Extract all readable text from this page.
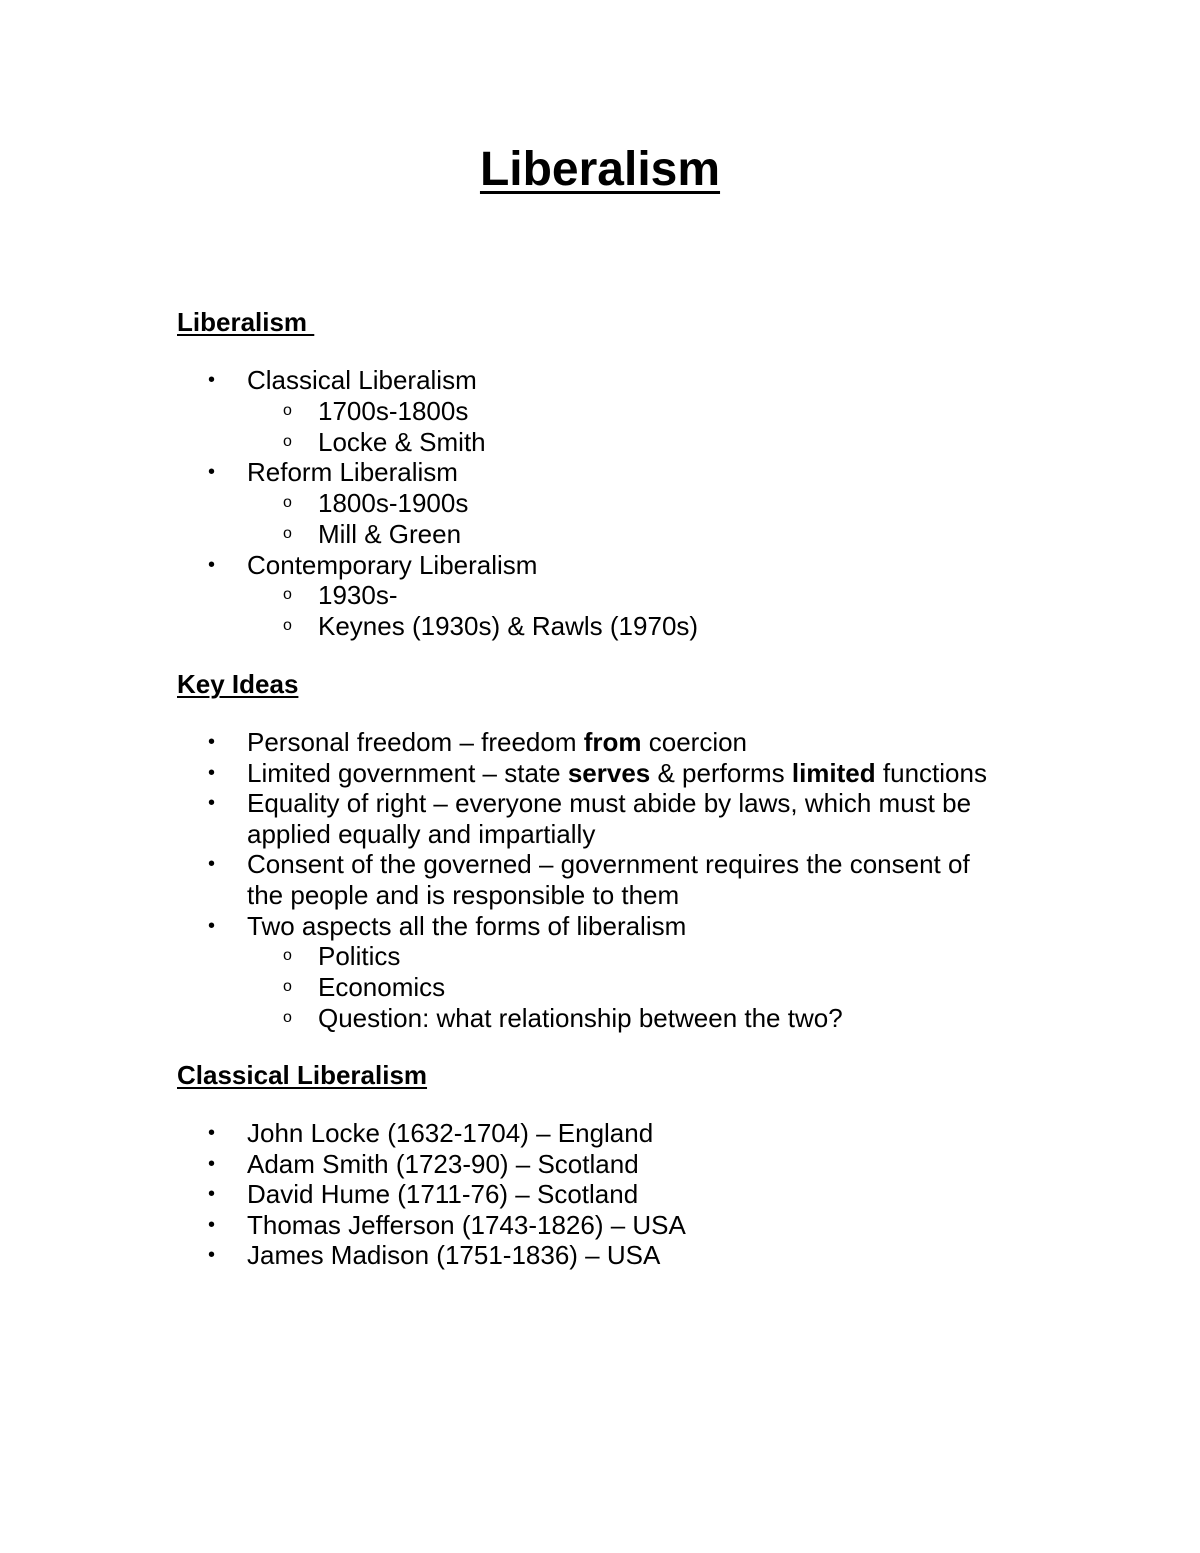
Liberalism
Liberalism
• Classical Liberalism
o 1700s-1800s
o Locke & Smith
• Reform Liberalism
o 1800s-1900s
o Mill & Green
• Contemporary Liberalism
o 1930s-
o Keynes (1930s) & Rawls (1970s)
Key Ideas
• Personal freedom – freedom from coercion
• Limited government – state serves & performs limited functions
• Equality of right – everyone must abide by laws, which must be
applied equally and impartially
• Consent of the governed – government requires the consent of
the people and is responsible to them
• Two aspects all the forms of liberalism
o Politics
o Economics
o Question: what relationship between the two?
Classical Liberalism
• John Locke (1632-1704) – England
• Adam Smith (1723-90) – Scotland
• David Hume (1711-76) – Scotland
• Thomas Jefferson (1743-1826) – USA
• James Madison (1751-1836) – USA
